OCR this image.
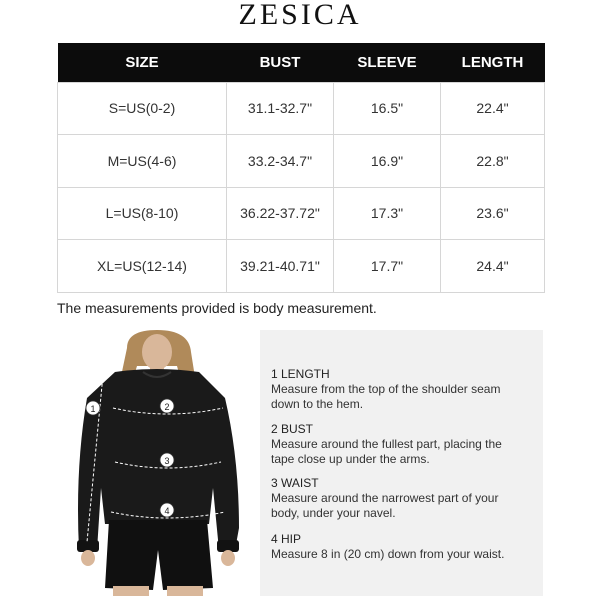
ZESICA
SIZE	BUST	SLEEVE	LENGTH
S=US(0-2)	31.1-32.7"	16.5"	22.4"
M=US(4-6)	33.2-34.7"	16.9"	22.8"
L=US(8-10)	36.22-37.72"	17.3"	23.6"
XL=US(12-14)	39.21-40.71"	17.7"	24.4"
The measurements provided is body measurement.
1	2
3
4
1 LENGTH
Measure from the top of the shoulder seam down to the hem.
2 BUST
Measure around the fullest part, placing the tape close up under the arms.
3 WAIST
Measure around the narrowest part of your body, under your navel.
4 HIP
Measure 8 in (20 cm) down from your waist.
